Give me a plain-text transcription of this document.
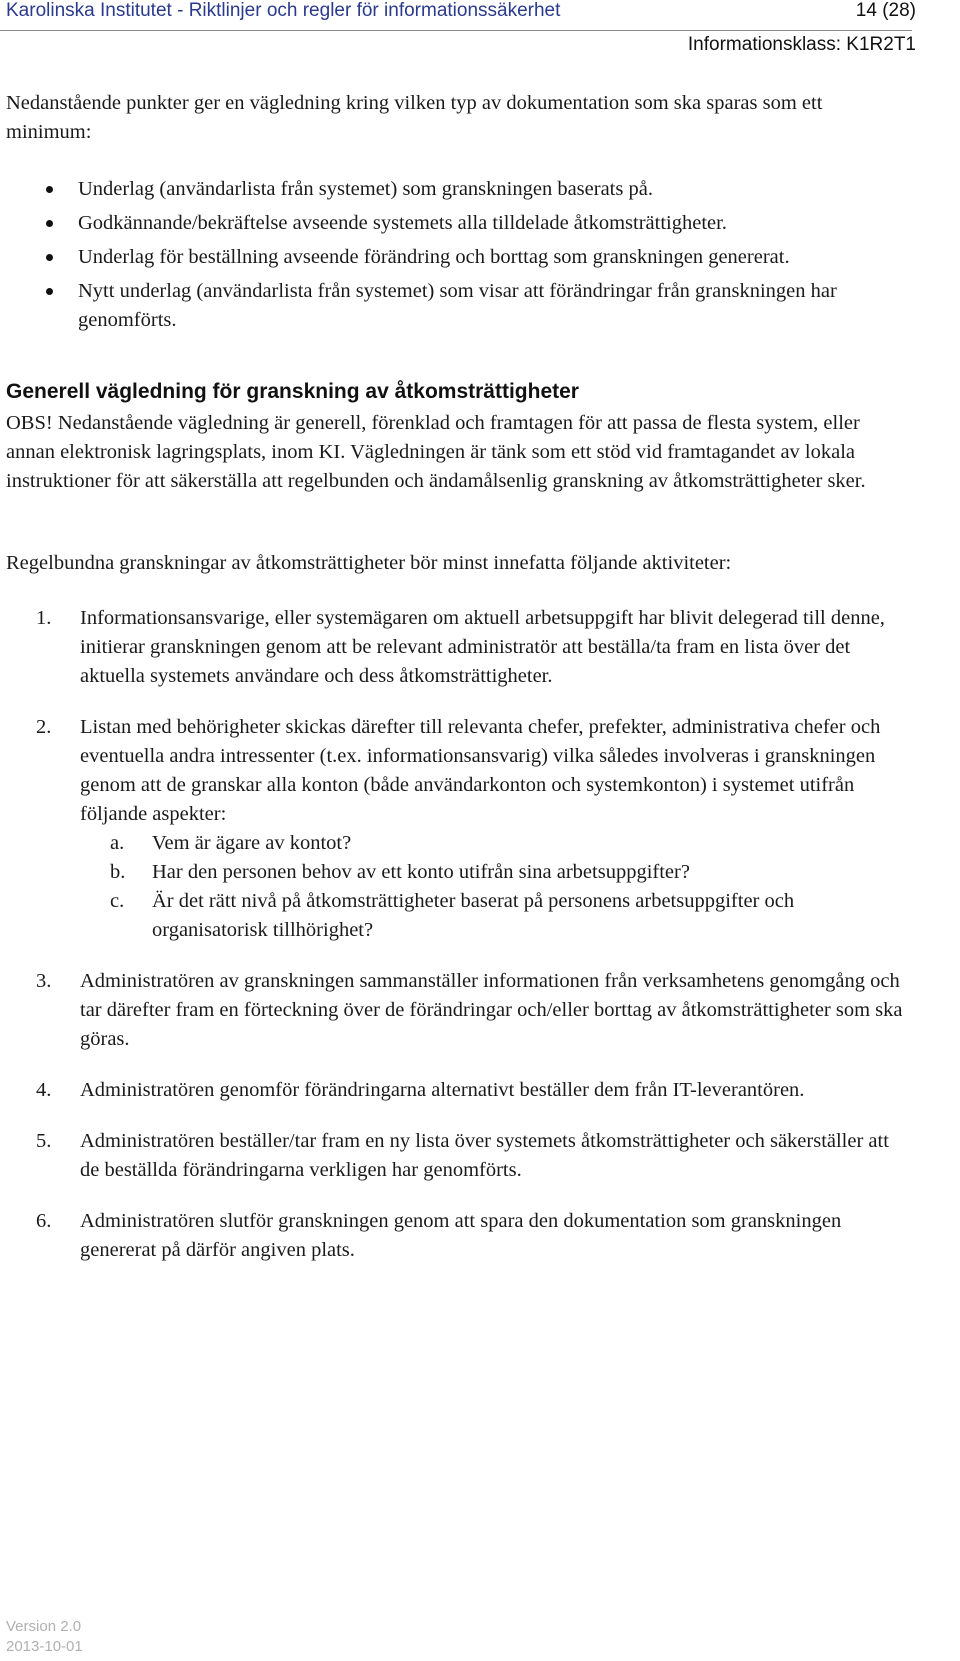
Karolinska Institutet - Riktlinjer och regler för informationssäkerhet	14 (28)
Informationsklass: K1R2T1

Nedanstående punkter ger en vägledning kring vilken typ av dokumentation som ska sparas som ett minimum:

Underlag (användarlista från systemet) som granskningen baserats på.
Godkännande/bekräftelse avseende systemets alla tilldelade åtkomsträttigheter.
Underlag för beställning avseende förändring och borttag som granskningen genererat.
Nytt underlag (användarlista från systemet) som visar att förändringar från granskningen har genomförts.
Generell vägledning för granskning av åtkomsträttigheter

OBS! Nedanstående vägledning är generell, förenklad och framtagen för att passa de flesta system, eller annan elektronisk lagringsplats, inom KI. Vägledningen är tänk som ett stöd vid framtagandet av lokala instruktioner för att säkerställa att regelbunden och ändamålsenlig granskning av åtkomsträttigheter sker.

Regelbundna granskningar av åtkomsträttigheter bör minst innefatta följande aktiviteter:

1. Informationsansvarige, eller systemägaren om aktuell arbetsuppgift har blivit delegerad till denne, initierar granskningen genom att be relevant administratör att beställa/ta fram en lista över det aktuella systemets användare och dess åtkomsträttigheter.
2. Listan med behörigheter skickas därefter till relevanta chefer, prefekter, administrativa chefer och eventuella andra intressenter (t.ex. informationsansvarig) vilka således involveras i granskningen genom att de granskar alla konton (både användarkonton och systemkonton) i systemet utifrån följande aspekter:
a. Vem är ägare av kontot?
b. Har den personen behov av ett konto utifrån sina arbetsuppgifter?
c. Är det rätt nivå på åtkomsträttigheter baserat på personens arbetsuppgifter och organisatorisk tillhörighet?
3. Administratören av granskningen sammanställer informationen från verksamhetens genomgång och tar därefter fram en förteckning över de förändringar och/eller borttag av åtkomsträttigheter som ska göras.
4. Administratören genomför förändringarna alternativt beställer dem från IT-leverantören.
5. Administratören beställer/tar fram en ny lista över systemets åtkomsträttigheter och säkerställer att de beställda förändringarna verkligen har genomförts.
6. Administratören slutför granskningen genom att spara den dokumentation som granskningen genererat på därför angiven plats.
Version 2.0
2013-10-01
